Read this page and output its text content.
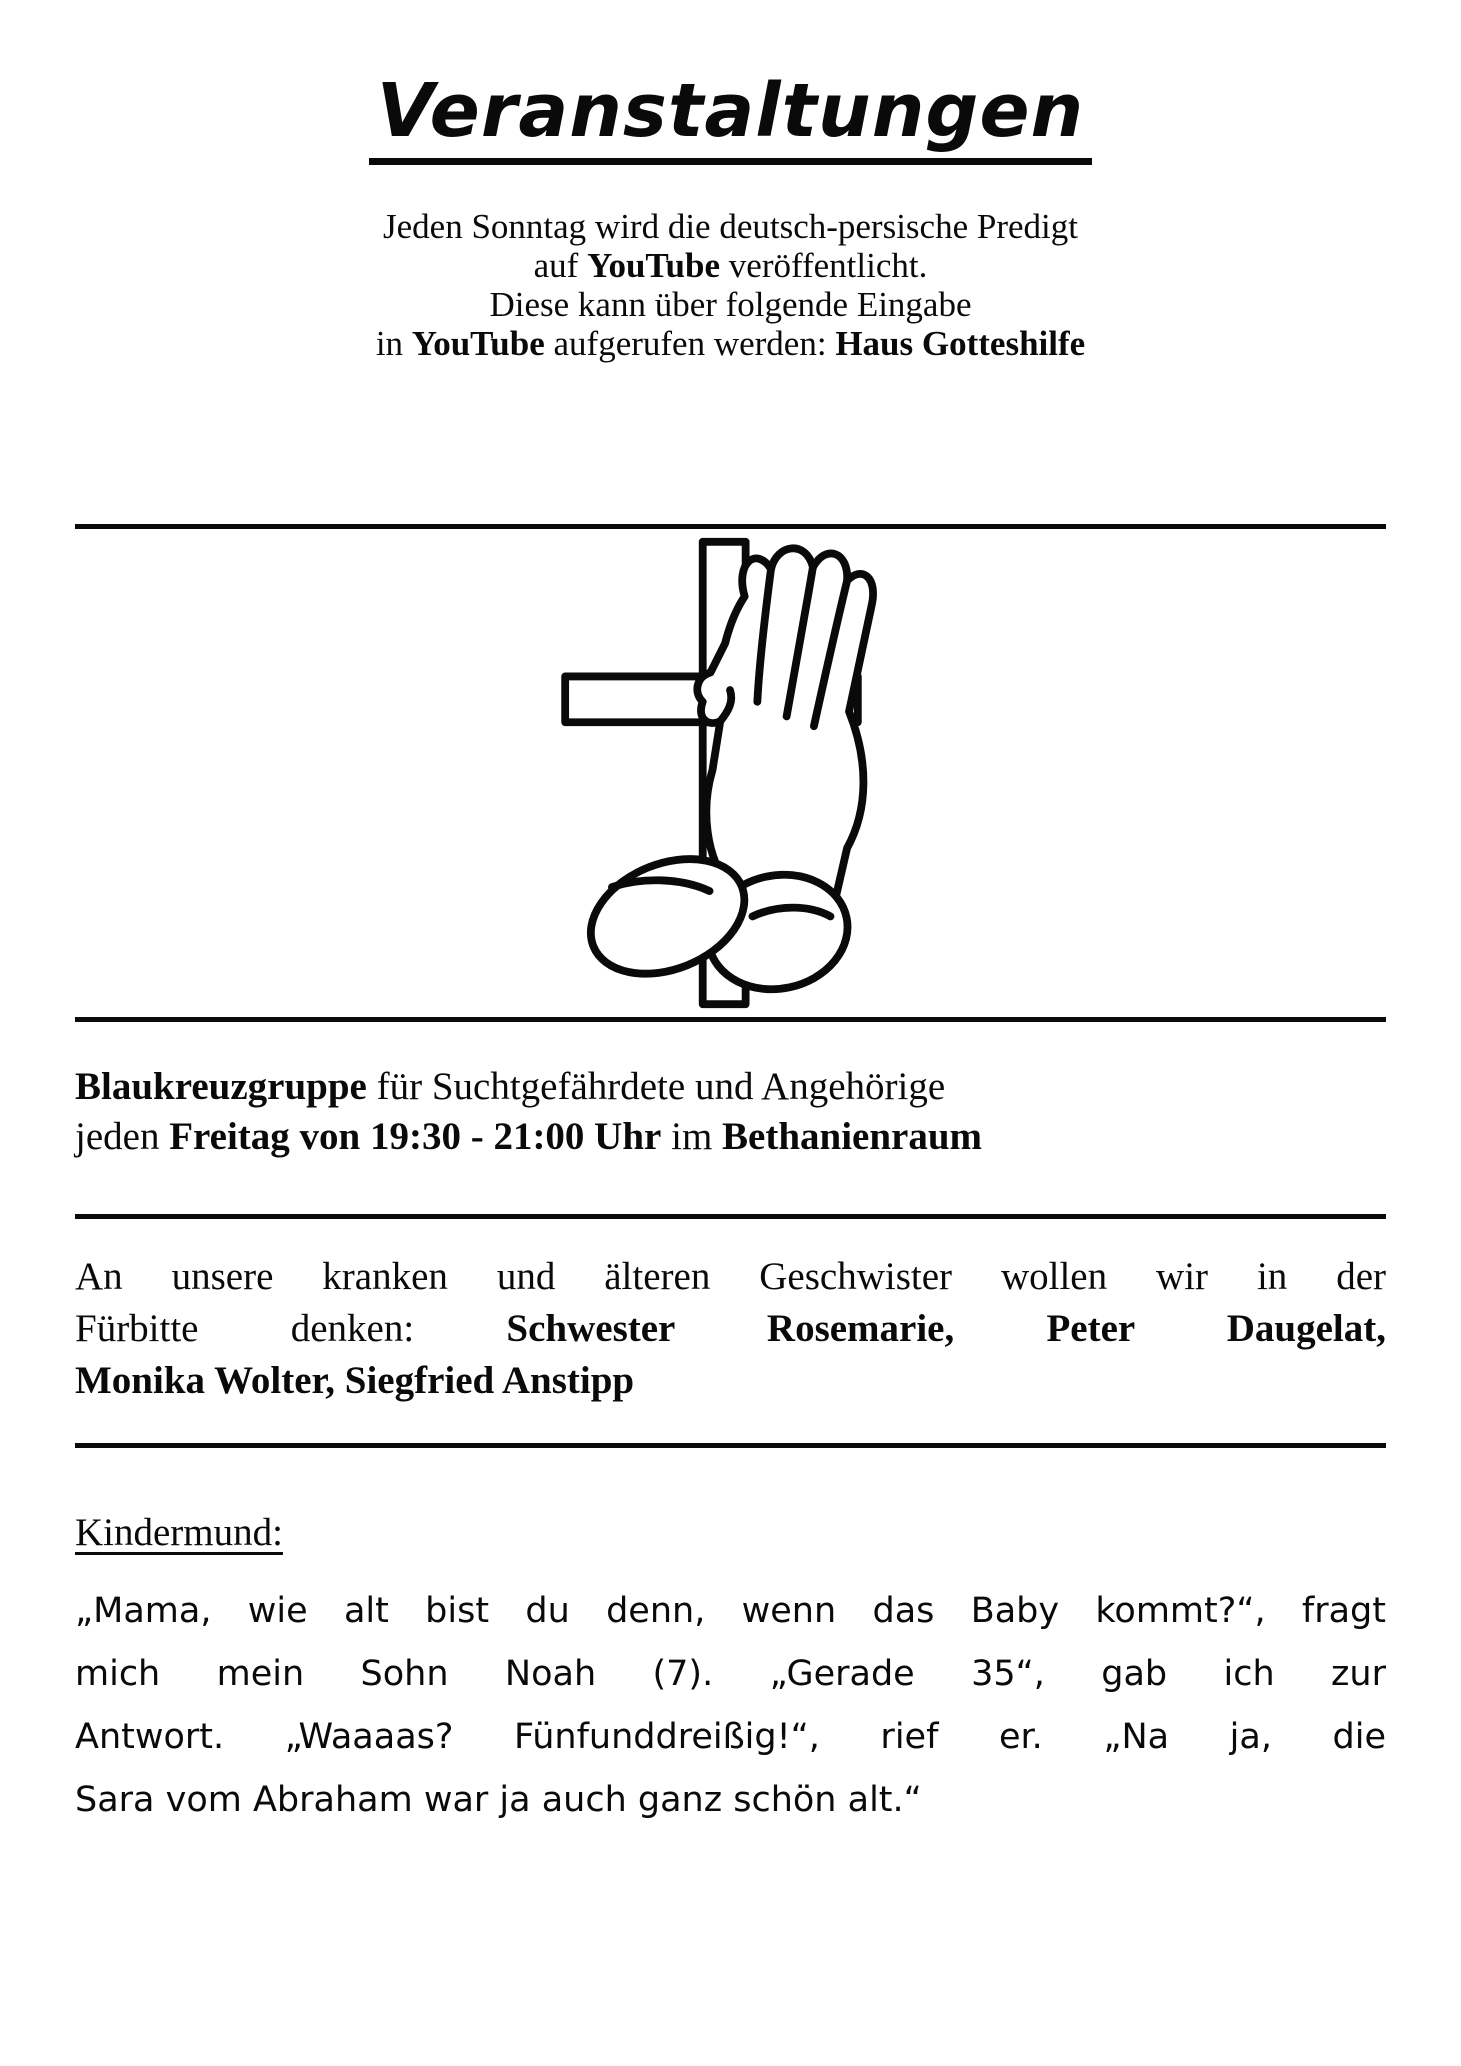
Veranstaltungen
Jeden Sonntag wird die deutsch-persische Predigt
auf YouTube veröffentlicht.
Diese kann über folgende Eingabe
in YouTube aufgerufen werden: Haus Gotteshilfe
Blaukreuzgruppe für Suchtgefährdete und Angehörige
jeden Freitag von 19:30 - 21:00 Uhr im Bethanienraum
An unsere kranken und älteren Geschwister wollen wir in der
Fürbitte denken: Schwester Rosemarie, Peter Daugelat,
Monika Wolter, Siegfried Anstipp
Kindermund:
„Mama, wie alt bist du denn, wenn das Baby kommt?“, fragt
mich mein Sohn Noah (7). „Gerade 35“, gab ich zur
Antwort. „Waaaas? Fünfunddreißig!“, rief er. „Na ja, die
Sara vom Abraham war ja auch ganz schön alt.“
